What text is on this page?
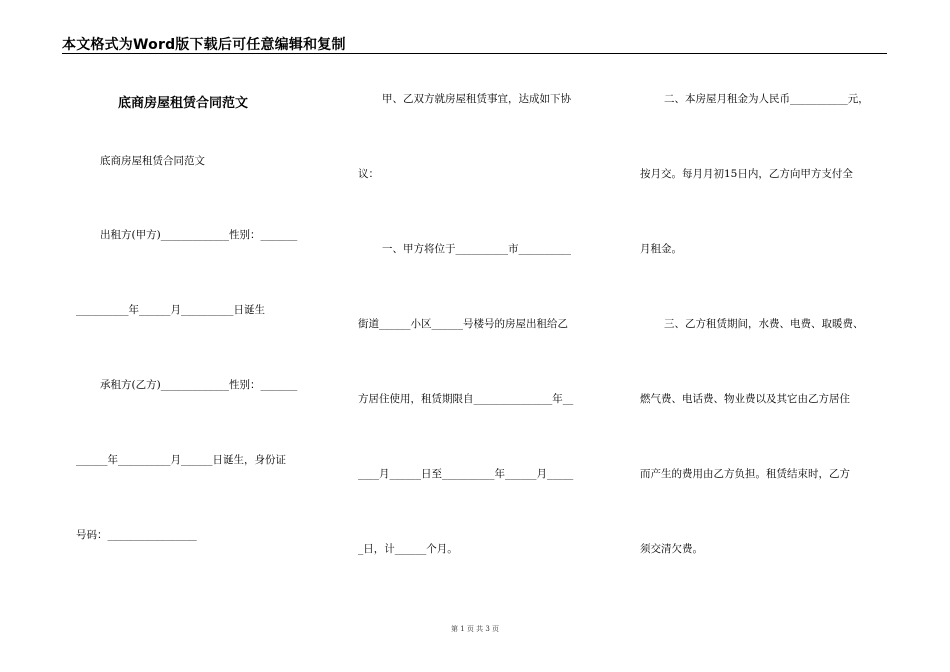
本文格式为Word版下载后可任意编辑和复制
底商房屋租赁合同范文
底商房屋租赁合同范文
出租方(甲方)_____________性别：_______
__________年______月__________日诞生
承租方(乙方)_____________性别：_______
______年__________月______日诞生，身份证
号码：_________________
甲、乙双方就房屋租赁事宜，达成如下协
议：
一、甲方将位于__________市__________
街道______小区______号楼号的房屋出租给乙
方居住使用，租赁期限自_______________年__
____月______日至__________年______月_____
_日，计______个月。
二、本房屋月租金为人民币___________元，
按月交。每月月初15日内，乙方向甲方支付全
月租金。
三、乙方租赁期间，水费、电费、取暖费、
燃气费、电话费、物业费以及其它由乙方居住
而产生的费用由乙方负担。租赁结束时，乙方
须交清欠费。
第 1 页 共 3 页
